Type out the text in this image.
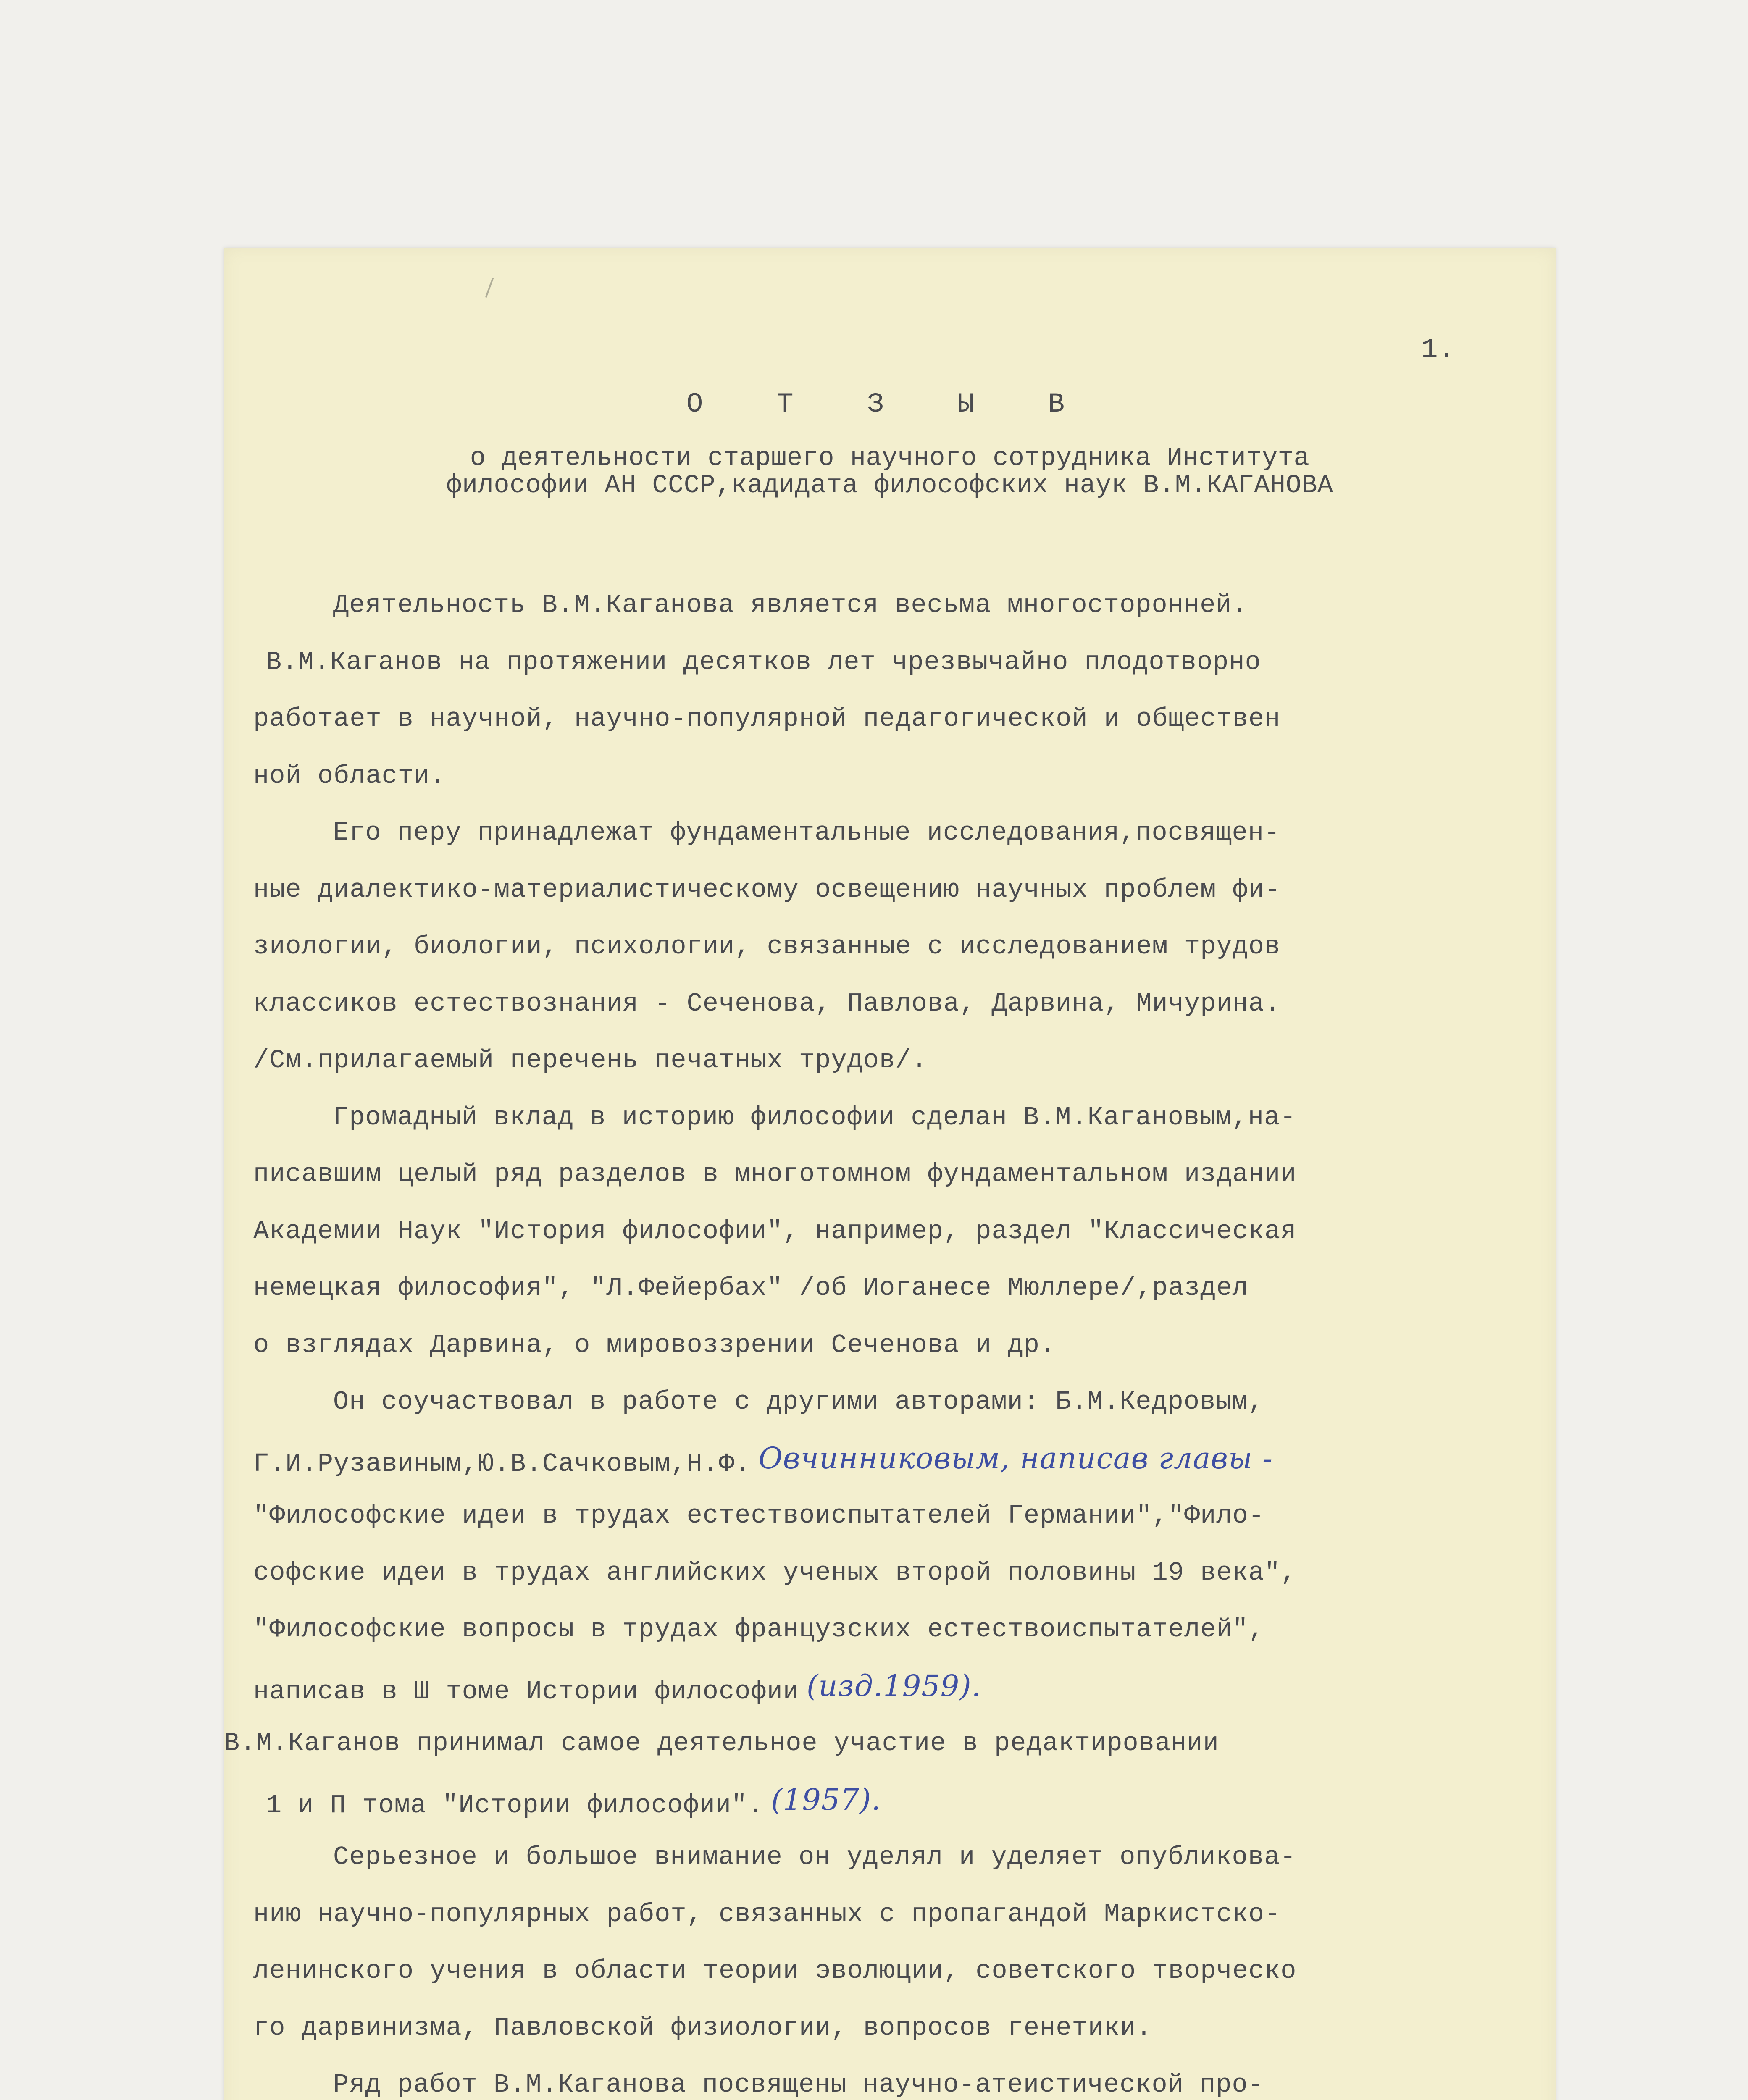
1.
О Т З Ы В
о деятельности старшего научного сотрудника Института
философии АН СССР,кадидата философских наук В.М.КАГАНОВА
Деятельность В.М.Каганова является весьма многосторонней.
В.М.Каганов на протяжении десятков лет чрезвычайно плодотворно
работает в научной, научно-популярной педагогической и обществен
ной области.
Его перу принадлежат фундаментальные исследования,посвящен-
ные диалектико-материалистическому освещению научных проблем фи-
зиологии, биологии, психологии, связанные с исследованием трудов
классиков естествознания - Сеченова, Павлова, Дарвина, Мичурина.
/См.прилагаемый перечень печатных трудов/.
Громадный вклад в историю философии сделан В.М.Кагановым,на-
писавшим целый ряд разделов в многотомном фундаментальном издании
Академии Наук "История философии", например, раздел "Классическая
немецкая философия", "Л.Фейербах" /об Иоганесе Мюллере/,раздел
о взглядах Дарвина, о мировоззрении Сеченова и др.
Он соучаствовал в работе с другими авторами: Б.М.Кедровым,
Г.И.Рузавиным,Ю.В.Сачковым,Н.Ф. Овчинниковым, написав главы -
"Философские идеи в трудах естествоиспытателей Германии","Фило-
софские идеи в трудах английских ученых второй половины 19 века",
"Философские вопросы в трудах французских естествоиспытателей",
написав в Ш томе Истории философии (изд.1959).
В.М.Каганов принимал самое деятельное участие в редактировании
1 и П тома "Истории философии". (1957).
Серьезное и большое внимание он уделял и уделяет опубликова-
нию научно-популярных работ, связанных с пропагандой Маркистско-
ленинского учения в области теории эволюции, советского творческо
го дарвинизма, Павловской физиологии, вопросов генетики.
Ряд работ В.М.Каганова посвящены научно-атеистической про-
